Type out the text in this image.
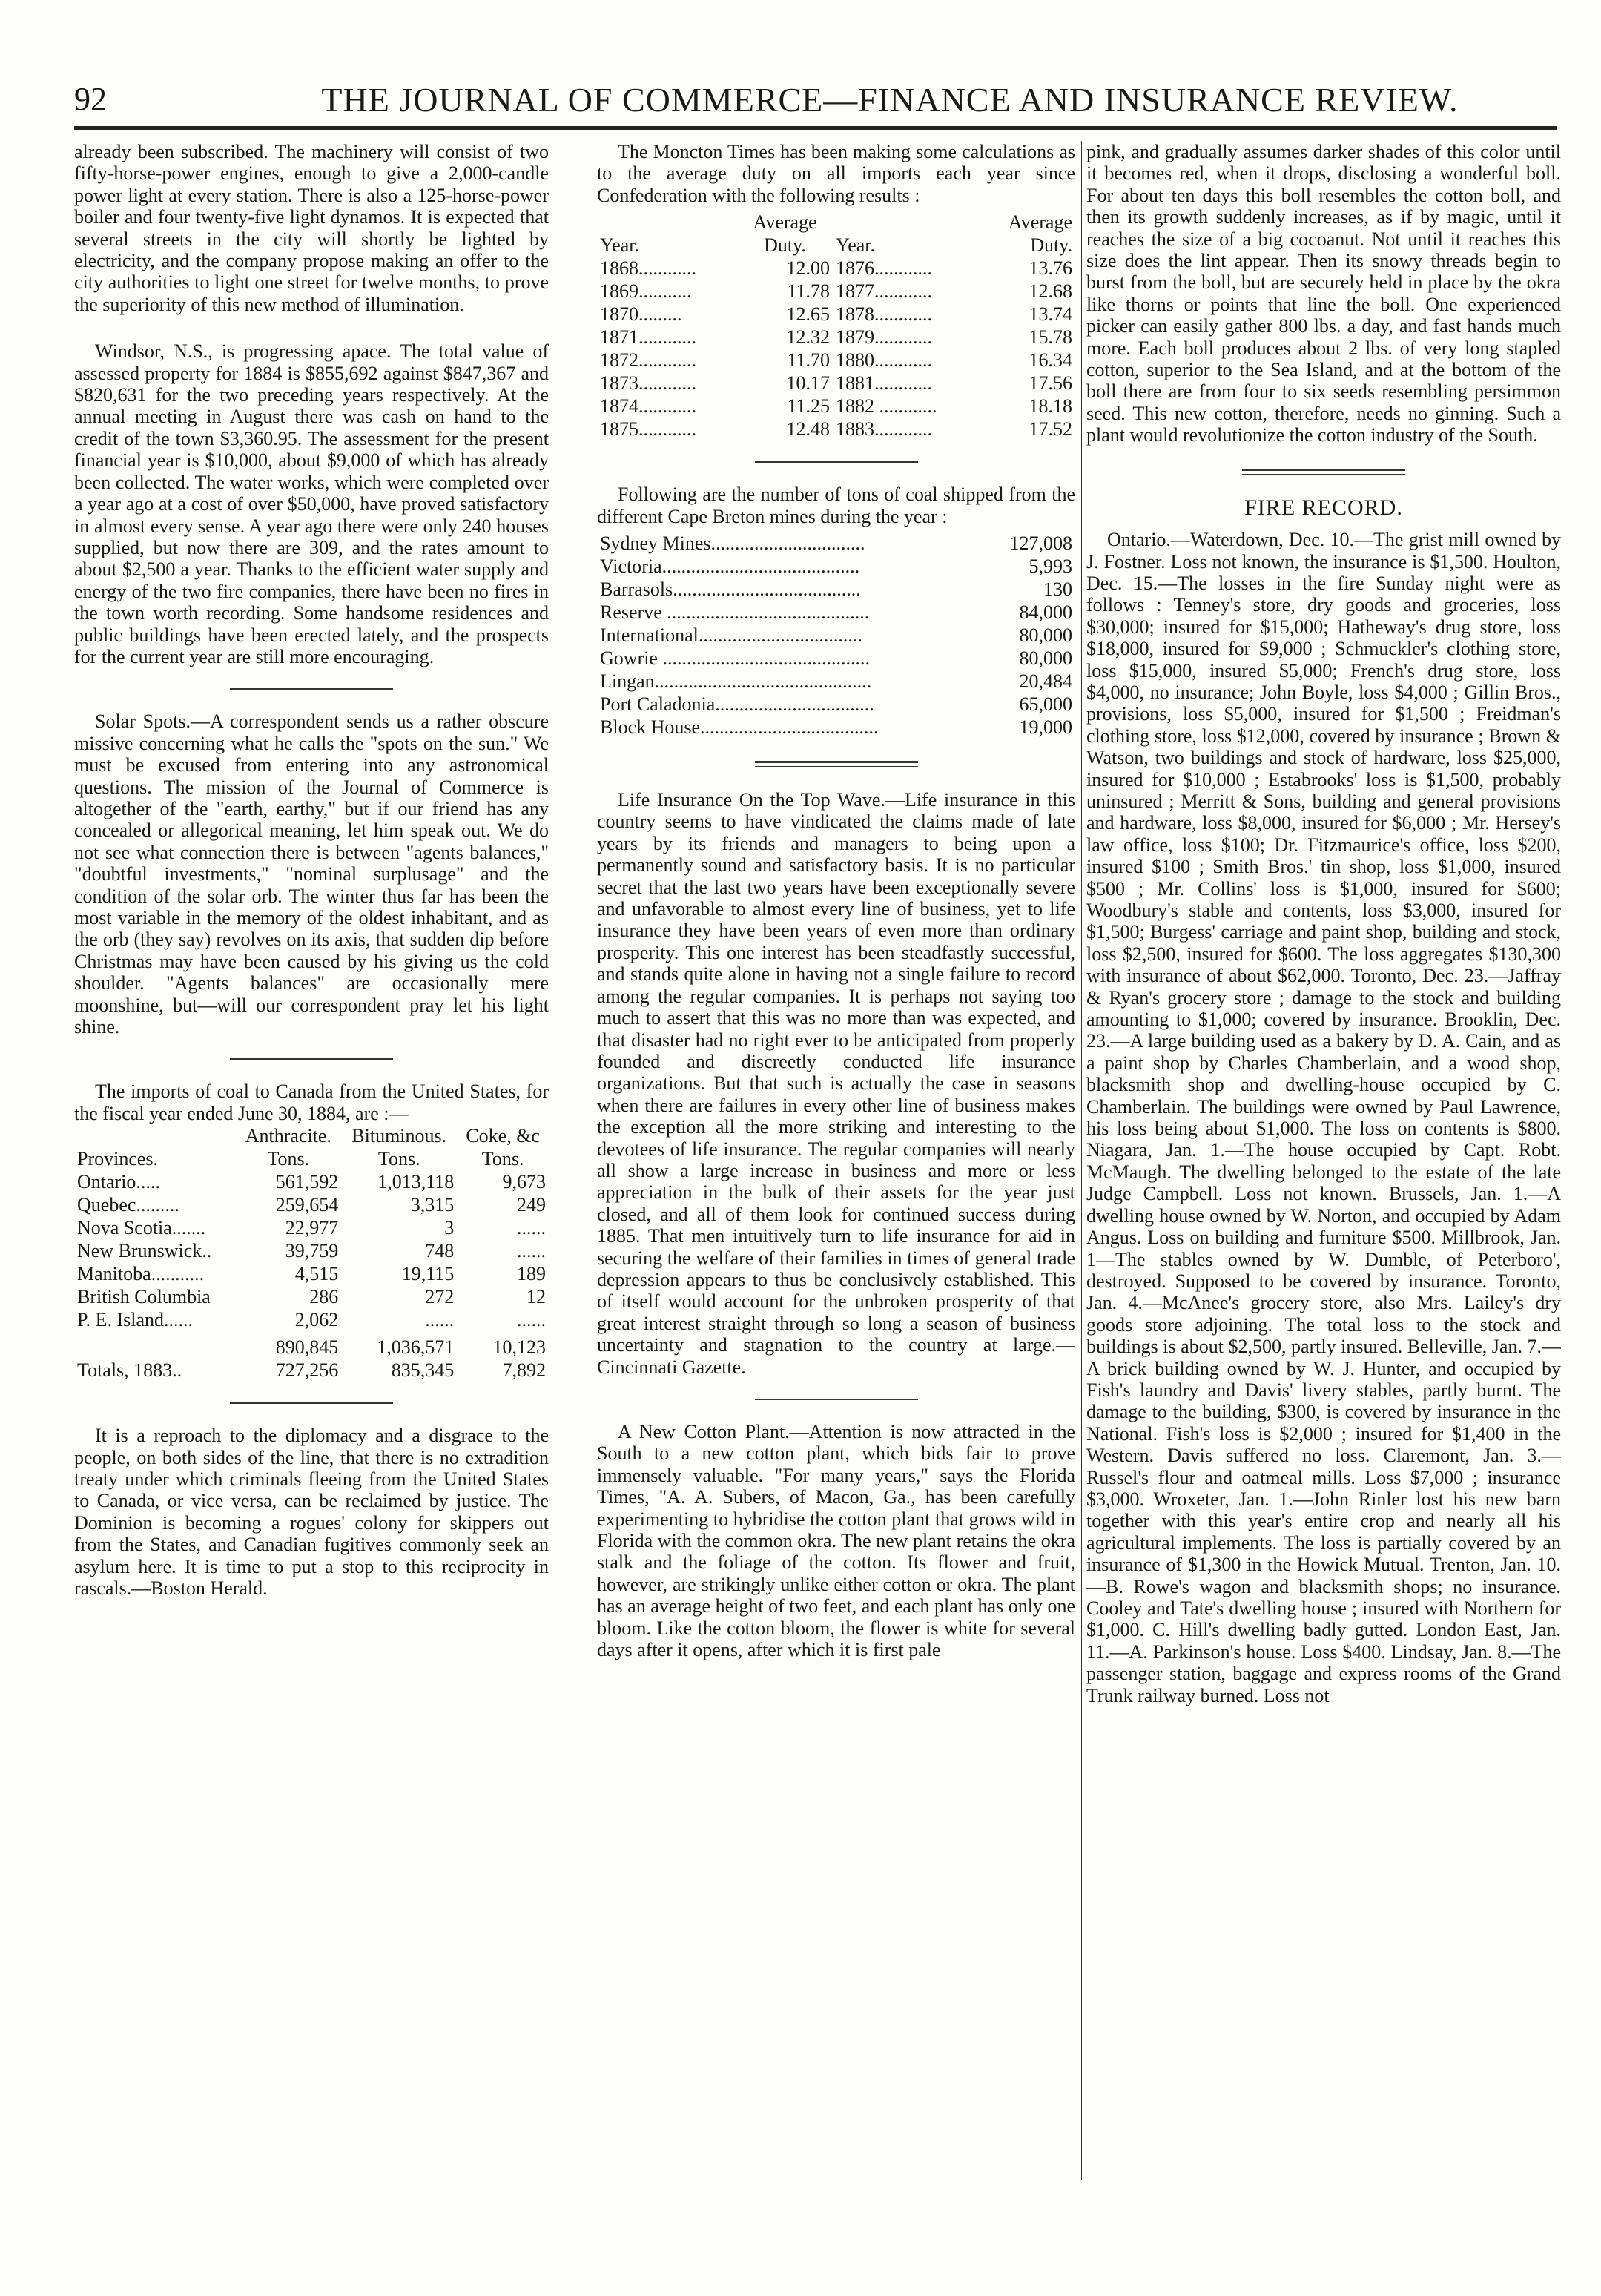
92	THE JOURNAL OF COMMERCE—FINANCE AND INSURANCE REVIEW.

already been subscribed. The machinery will consist of two fifty-horse-power engines, enough to give a 2,000-candle power light at every station. There is also a 125-horse-power boiler and four twenty-five light dynamos. It is expected that several streets in the city will shortly be lighted by electricity, and the company propose making an offer to the city authorities to light one street for twelve months, to prove the superiority of this new method of illumination.

Windsor, N.S., is progressing apace. The total value of assessed property for 1884 is $855,692 against $847,367 and $820,631 for the two preceding years respectively. At the annual meeting in August there was cash on hand to the credit of the town $3,360.95. The assessment for the present financial year is $10,000, about $9,000 of which has already been collected. The water works, which were completed over a year ago at a cost of over $50,000, have proved satisfactory in almost every sense. A year ago there were only 240 houses supplied, but now there are 309, and the rates amount to about $2,500 a year. Thanks to the efficient water supply and energy of the two fire companies, there have been no fires in the town worth recording. Some handsome residences and public buildings have been erected lately, and the prospects for the current year are still more encouraging.

Solar Spots.—A correspondent sends us a rather obscure missive concerning what he calls the "spots on the sun." We must be excused from entering into any astronomical questions. The mission of the Journal of Commerce is altogether of the "earth, earthy," but if our friend has any concealed or allegorical meaning, let him speak out. We do not see what connection there is between "agents balances," "doubtful investments," "nominal surplusage" and the condition of the solar orb. The winter thus far has been the most variable in the memory of the oldest inhabitant, and as the orb (they say) revolves on its axis, that sudden dip before Christmas may have been caused by his giving us the cold shoulder. "Agents balances" are occasionally mere moonshine, but—will our correspondent pray let his light shine.

The imports of coal to Canada from the United States, for the fiscal year ended June 30, 1884, are :—

	Anthracite.	Bituminous.	Coke, &c
Provinces.	Tons.	Tons.	Tons.
Ontario.....	561,592	1,013,118	9,673
Quebec.........	259,654	3,315	249
Nova Scotia.......	22,977	3	......
New Brunswick..	39,759	748	......
Manitoba...........	4,515	19,115	189
British Columbia	286	272	12
P. E. Island......	2,062	......	......
	890,845	1,036,571	10,123
Totals, 1883..	727,256	835,345	7,892

It is a reproach to the diplomacy and a disgrace to the people, on both sides of the line, that there is no extradition treaty under which criminals fleeing from the United States to Canada, or vice versa, can be reclaimed by justice. The Dominion is becoming a rogues' colony for skippers out from the States, and Canadian fugitives commonly seek an asylum here. It is time to put a stop to this reciprocity in rascals.—Boston Herald.

The Moncton Times has been making some calculations as to the average duty on all imports each year since Confederation with the following results :

	Average		Average
Year.	Duty.	Year.	Duty.
1868............	12.00	1876............	13.76
1869...........	11.78	1877............	12.68
1870.........	12.65	1878............	13.74
1871............	12.32	1879............	15.78
1872............	11.70	1880............	16.34
1873............	10.17	1881............	17.56
1874............	11.25	1882 ............	18.18
1875............	12.48	1883............	17.52

Following are the number of tons of coal shipped from the different Cape Breton mines during the year :

Sydney Mines................................	127,008
Victoria.........................................	5,993
Barrasols.......................................	130
Reserve ..........................................	84,000
International..................................	80,000
Gowrie ...........................................	80,000
Lingan.............................................	20,484
Port Caladonia.................................	65,000
Block House.....................................	19,000

Life Insurance On the Top Wave.—Life insurance in this country seems to have vindicated the claims made of late years by its friends and managers to being upon a permanently sound and satisfactory basis. It is no particular secret that the last two years have been exceptionally severe and unfavorable to almost every line of business, yet to life insurance they have been years of even more than ordinary prosperity. This one interest has been steadfastly successful, and stands quite alone in having not a single failure to record among the regular companies. It is perhaps not saying too much to assert that this was no more than was expected, and that disaster had no right ever to be anticipated from properly founded and discreetly conducted life insurance organizations. But that such is actually the case in seasons when there are failures in every other line of business makes the exception all the more striking and interesting to the devotees of life insurance. The regular companies will nearly all show a large increase in business and more or less appreciation in the bulk of their assets for the year just closed, and all of them look for continued success during 1885. That men intuitively turn to life insurance for aid in securing the welfare of their families in times of general trade depression appears to thus be conclusively established. This of itself would account for the unbroken prosperity of that great interest straight through so long a season of business uncertainty and stagnation to the country at large.—Cincinnati Gazette.

A New Cotton Plant.—Attention is now attracted in the South to a new cotton plant, which bids fair to prove immensely valuable. "For many years," says the Florida Times, "A. A. Subers, of Macon, Ga., has been carefully experimenting to hybridise the cotton plant that grows wild in Florida with the common okra. The new plant retains the okra stalk and the foliage of the cotton. Its flower and fruit, however, are strikingly unlike either cotton or okra. The plant has an average height of two feet, and each plant has only one bloom. Like the cotton bloom, the flower is white for several days after it opens, after which it is first pale

pink, and gradually assumes darker shades of this color until it becomes red, when it drops, disclosing a wonderful boll. For about ten days this boll resembles the cotton boll, and then its growth suddenly increases, as if by magic, until it reaches the size of a big cocoanut. Not until it reaches this size does the lint appear. Then its snowy threads begin to burst from the boll, but are securely held in place by the okra like thorns or points that line the boll. One experienced picker can easily gather 800 lbs. a day, and fast hands much more. Each boll produces about 2 lbs. of very long stapled cotton, superior to the Sea Island, and at the bottom of the boll there are from four to six seeds resembling persimmon seed. This new cotton, therefore, needs no ginning. Such a plant would revolutionize the cotton industry of the South.

FIRE RECORD.

Ontario.—Waterdown, Dec. 10.—The grist mill owned by J. Fostner. Loss not known, the insurance is $1,500. Houlton, Dec. 15.—The losses in the fire Sunday night were as follows : Tenney's store, dry goods and groceries, loss $30,000; insured for $15,000; Hatheway's drug store, loss $18,000, insured for $9,000 ; Schmuckler's clothing store, loss $15,000, insured $5,000; French's drug store, loss $4,000, no insurance; John Boyle, loss $4,000 ; Gillin Bros., provisions, loss $5,000, insured for $1,500 ; Freidman's clothing store, loss $12,000, covered by insurance ; Brown & Watson, two buildings and stock of hardware, loss $25,000, insured for $10,000 ; Estabrooks' loss is $1,500, probably uninsured ; Merritt & Sons, building and general provisions and hardware, loss $8,000, insured for $6,000 ; Mr. Hersey's law office, loss $100; Dr. Fitzmaurice's office, loss $200, insured $100 ; Smith Bros.' tin shop, loss $1,000, insured $500 ; Mr. Collins' loss is $1,000, insured for $600; Woodbury's stable and contents, loss $3,000, insured for $1,500; Burgess' carriage and paint shop, building and stock, loss $2,500, insured for $600. The loss aggregates $130,300 with insurance of about $62,000. Toronto, Dec. 23.—Jaffray & Ryan's grocery store ; damage to the stock and building amounting to $1,000; covered by insurance. Brooklin, Dec. 23.—A large building used as a bakery by D. A. Cain, and as a paint shop by Charles Chamberlain, and a wood shop, blacksmith shop and dwelling-house occupied by C. Chamberlain. The buildings were owned by Paul Lawrence, his loss being about $1,000. The loss on contents is $800. Niagara, Jan. 1.—The house occupied by Capt. Robt. McMaugh. The dwelling belonged to the estate of the late Judge Campbell. Loss not known. Brussels, Jan. 1.—A dwelling house owned by W. Norton, and occupied by Adam Angus. Loss on building and furniture $500. Millbrook, Jan. 1—The stables owned by W. Dumble, of Peterboro', destroyed. Supposed to be covered by insurance. Toronto, Jan. 4.—McAnee's grocery store, also Mrs. Lailey's dry goods store adjoining. The total loss to the stock and buildings is about $2,500, partly insured. Belleville, Jan. 7.—A brick building owned by W. J. Hunter, and occupied by Fish's laundry and Davis' livery stables, partly burnt. The damage to the building, $300, is covered by insurance in the National. Fish's loss is $2,000 ; insured for $1,400 in the Western. Davis suffered no loss. Claremont, Jan. 3.—Russel's flour and oatmeal mills. Loss $7,000 ; insurance $3,000. Wroxeter, Jan. 1.—John Rinler lost his new barn together with this year's entire crop and nearly all his agricultural implements. The loss is partially covered by an insurance of $1,300 in the Howick Mutual. Trenton, Jan. 10.—B. Rowe's wagon and blacksmith shops; no insurance. Cooley and Tate's dwelling house ; insured with Northern for $1,000. C. Hill's dwelling badly gutted. London East, Jan. 11.—A. Parkinson's house. Loss $400. Lindsay, Jan. 8.—The passenger station, baggage and express rooms of the Grand Trunk railway burned. Loss not
